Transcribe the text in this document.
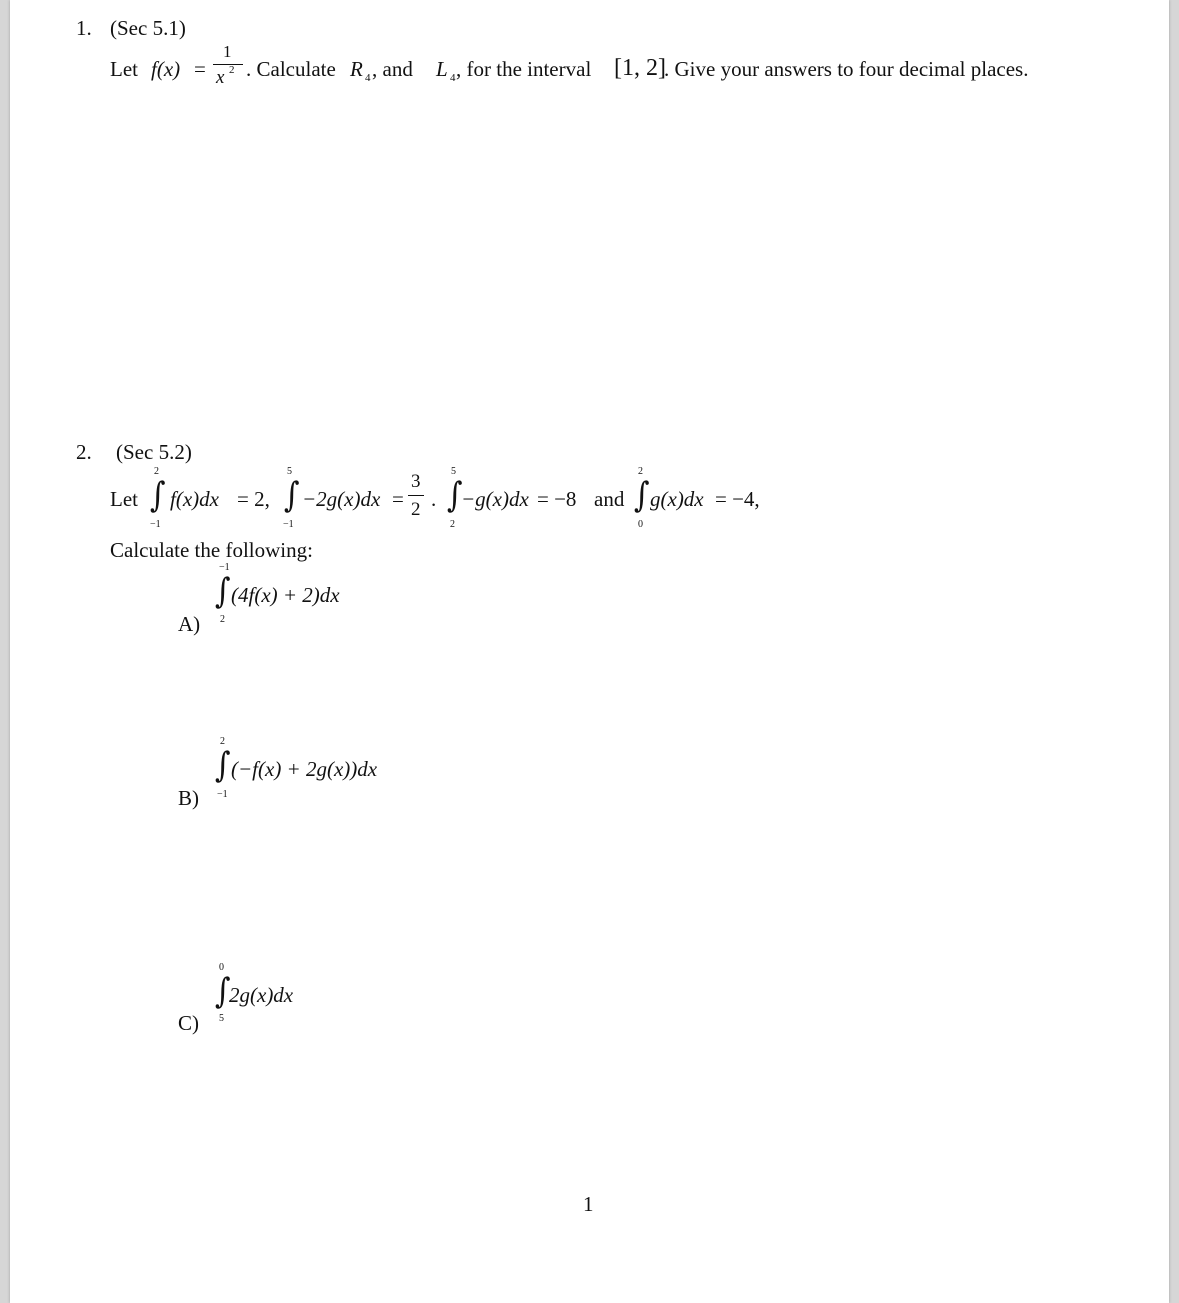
1. (Sec 5.1)
Let f(x) =
1
x 2 . Calculate R 4 , and L 4 , for the interval [1, 2]
. Give your answers to four decimal places.
2. (Sec 5.2)
Let
2
∫
−1
f(x)dx = 2,
5
∫
−1
−2g(x)dx =
3
2 .
5
∫
2
−g(x)dx = −8 and
2
∫
0
g(x)dx = −4,
Calculate the following:
−1
∫
2
(4f(x) + 2)dx
A)
2
∫
−1
(−f(x) + 2g(x))dx
B)
0
∫
5
2g(x)dx
C)
1
